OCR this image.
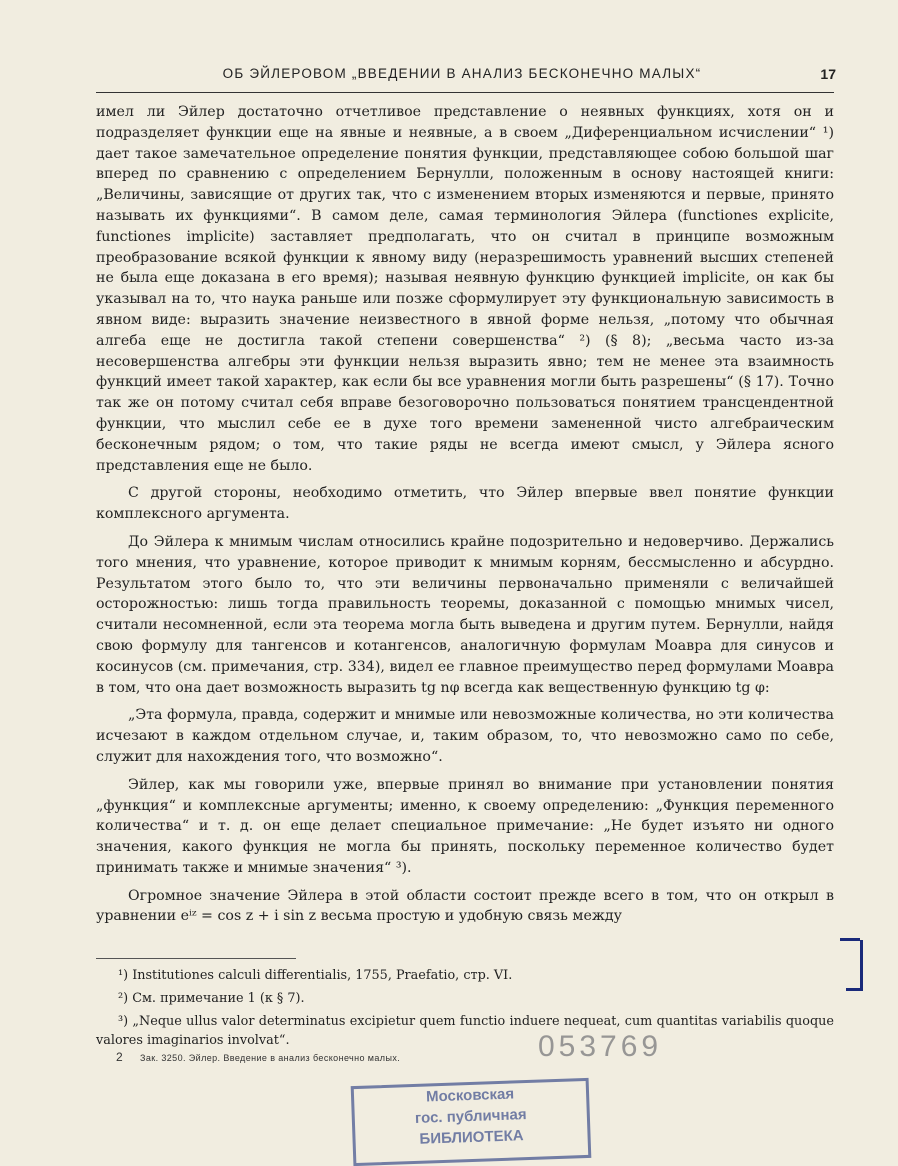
ОБ ЭЙЛЕРОВОМ „ВВЕДЕНИИ В АНАЛИЗ БЕСКОНЕЧНО МАЛЫХ“	17

имел ли Эйлер достаточно отчетливое представление о неявных функциях, хотя он и подразделяет функции еще на явные и неявные, а в своем „Диференциальном исчислении“ ¹) дает такое замечательное определение понятия функции, представляющее собою большой шаг вперед по сравнению с определением Бернулли, положенным в основу настоящей книги: „Величины, зависящие от других так, что с изменением вторых изменяются и первые, принято называть их функциями“. В самом деле, самая терминология Эйлера (functiones explicite, functiones implicite) заставляет предполагать, что он считал в принципе возможным преобразование всякой функции к явному виду (неразрешимость уравнений высших степеней не была еще доказана в его время); называя неявную функцию функцией implicite, он как бы указывал на то, что наука раньше или позже сформулирует эту функциональную зависимость в явном виде: выразить значение неизвестного в явной форме нельзя, „потому что обычная алгеба еще не достигла такой степени совершенства“ ²) (§ 8); „весьма часто из-за несовершенства алгебры эти функции нельзя выразить явно; тем не менее эта взаимность функций имеет такой характер, как если бы все уравнения могли быть разрешены“ (§ 17). Точно так же он потому считал себя вправе безоговорочно пользоваться понятием трансцендентной функции, что мыслил себе ее в духе того времени замененной чисто алгебраическим бесконечным рядом; о том, что такие ряды не всегда имеют смысл, у Эйлера ясного представления еще не было.

С другой стороны, необходимо отметить, что Эйлер впервые ввел понятие функции комплексного аргумента.

До Эйлера к мнимым числам относились крайне подозрительно и недоверчиво. Держались того мнения, что уравнение, которое приводит к мнимым корням, бессмысленно и абсурдно. Результатом этого было то, что эти величины первоначально применяли с величайшей осторожностью: лишь тогда правильность теоремы, доказанной с помощью мнимых чисел, считали несомненной, если эта теорема могла быть выведена и другим путем. Бернулли, найдя свою формулу для тангенсов и котангенсов, аналогичную формулам Моавра для синусов и косинусов (см. примечания, стр. 334), видел ее главное преимущество перед формулами Моавра в том, что она дает возможность выразить tg nφ всегда как вещественную функцию tg φ:

„Эта формула, правда, содержит и мнимые или невозможные количества, но эти количества исчезают в каждом отдельном случае, и, таким образом, то, что невозможно само по себе, служит для нахождения того, что возможно“.

Эйлер, как мы говорили уже, впервые принял во внимание при установлении понятия „функция“ и комплексные аргументы; именно, к своему определению: „Функция переменного количества“ и т. д. он еще делает специальное примечание: „Не будет изъято ни одного значения, какого функция не могла бы принять, поскольку переменное количество будет принимать также и мнимые значения“ ³).

Огромное значение Эйлера в этой области состоит прежде всего в том, что он открыл в уравнении eⁱᶻ = cos z + i sin z весьма простую и удобную связь между

¹) Institutiones calculi differentialis, 1755, Praefatio, стр. VI.

²) См. примечание 1 (к § 7).

³) „Neque ullus valor determinatus excipietur quem functio induere nequeat, cum quantitas variabilis quoque valores imaginarios involvat“.

2 Зак. 3250. Эйлер. Введение в анализ бесконечно малых.	053769
Московская
гос. публичная
БИБЛИОТЕКА
